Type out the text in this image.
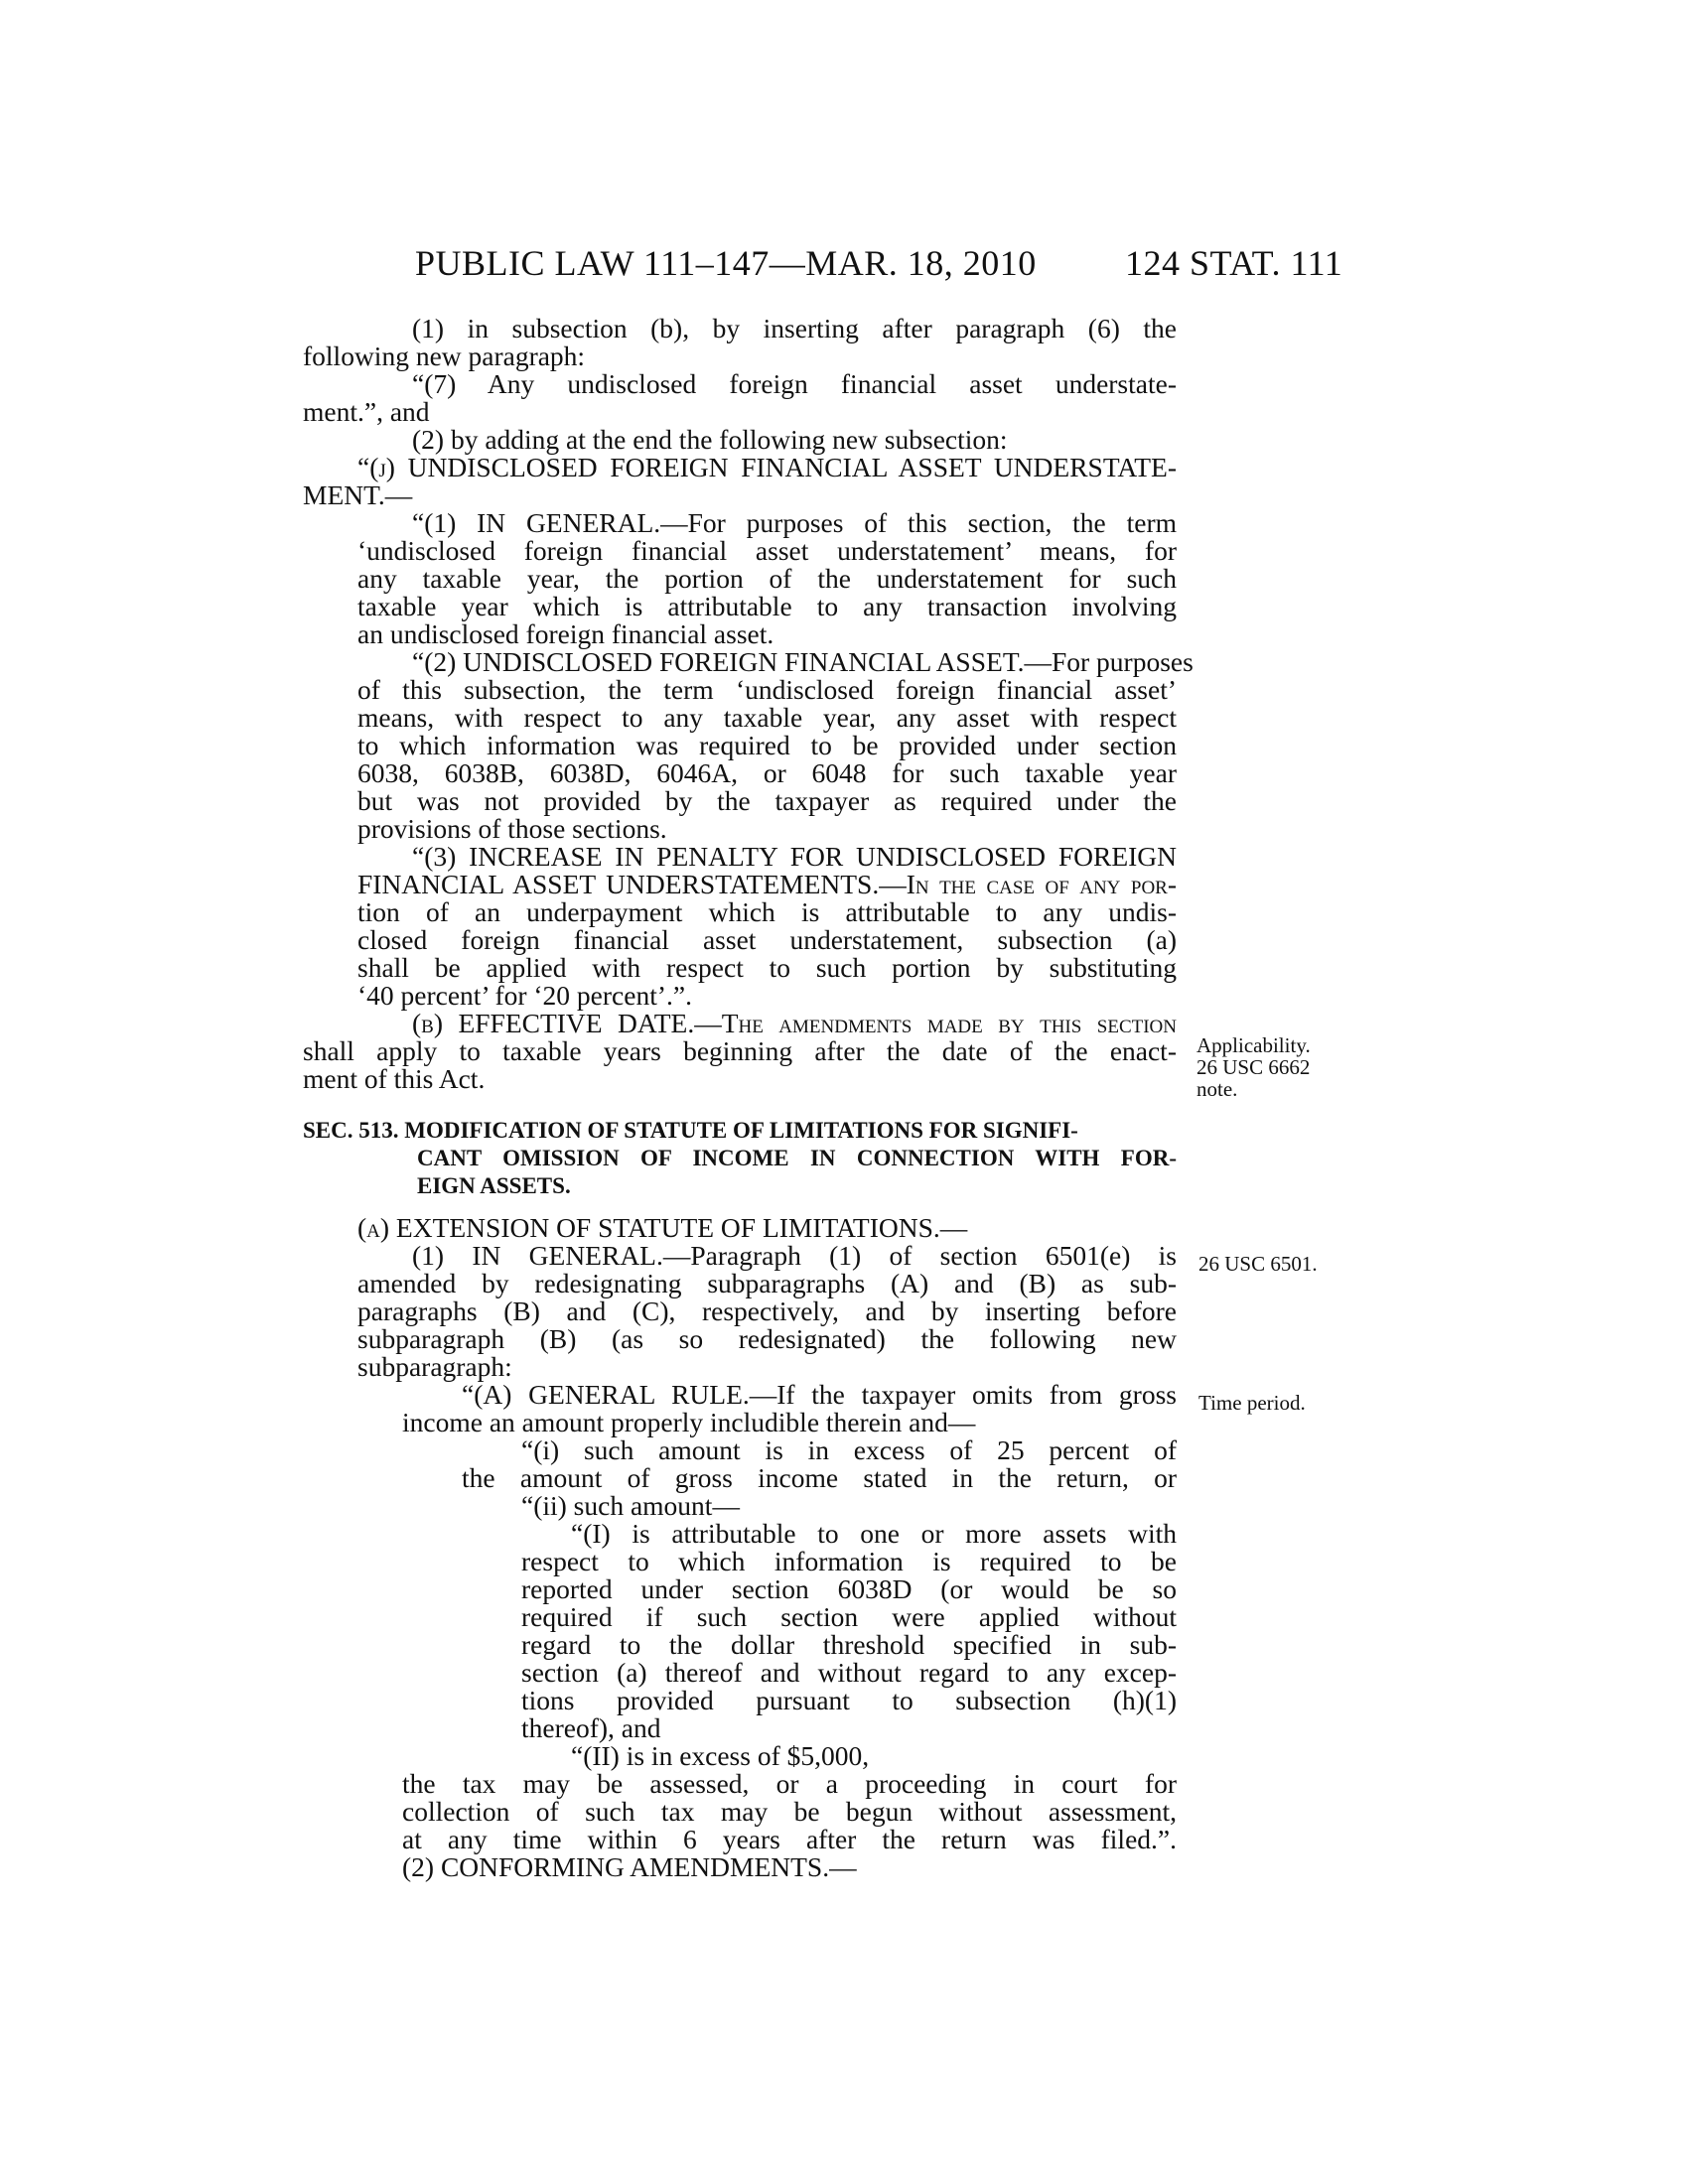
PUBLIC LAW 111–147—MAR. 18, 2010 124 STAT. 111
(1) in subsection (b), by inserting after paragraph (6) the
following new paragraph:
“(7) Any undisclosed foreign financial asset understate-
ment.”, and
(2) by adding at the end the following new subsection:
“(j) UNDISCLOSED FOREIGN FINANCIAL ASSET UNDERSTATE-
MENT.—
“(1) IN GENERAL.—For purposes of this section, the term
‘undisclosed foreign financial asset understatement’ means, for
any taxable year, the portion of the understatement for such
taxable year which is attributable to any transaction involving
an undisclosed foreign financial asset.
“(2) UNDISCLOSED FOREIGN FINANCIAL ASSET.—For purposes
of this subsection, the term ‘undisclosed foreign financial asset’
means, with respect to any taxable year, any asset with respect
to which information was required to be provided under section
6038, 6038B, 6038D, 6046A, or 6048 for such taxable year
but was not provided by the taxpayer as required under the
provisions of those sections.
“(3) INCREASE IN PENALTY FOR UNDISCLOSED FOREIGN
FINANCIAL ASSET UNDERSTATEMENTS.—In the case of any por-
tion of an underpayment which is attributable to any undis-
closed foreign financial asset understatement, subsection (a)
shall be applied with respect to such portion by substituting
‘40 percent’ for ‘20 percent’.”.
(b) EFFECTIVE DATE.—The amendments made by this section
shall apply to taxable years beginning after the date of the enact-
ment of this Act.
SEC. 513. MODIFICATION OF STATUTE OF LIMITATIONS FOR SIGNIFI-
CANT OMISSION OF INCOME IN CONNECTION WITH FOR-
EIGN ASSETS.
(a) EXTENSION OF STATUTE OF LIMITATIONS.—
(1) IN GENERAL.—Paragraph (1) of section 6501(e) is
amended by redesignating subparagraphs (A) and (B) as sub-
paragraphs (B) and (C), respectively, and by inserting before
subparagraph (B) (as so redesignated) the following new
subparagraph:
“(A) GENERAL RULE.—If the taxpayer omits from gross
income an amount properly includible therein and—
“(i) such amount is in excess of 25 percent of
the amount of gross income stated in the return, or
“(ii) such amount—
“(I) is attributable to one or more assets with
respect to which information is required to be
reported under section 6038D (or would be so
required if such section were applied without
regard to the dollar threshold specified in sub-
section (a) thereof and without regard to any excep-
tions provided pursuant to subsection (h)(1)
thereof), and
“(II) is in excess of $5,000,
the tax may be assessed, or a proceeding in court for
collection of such tax may be begun without assessment,
at any time within 6 years after the return was filed.”.
(2) CONFORMING AMENDMENTS.—
Applicability.
26 USC 6662
note.
26 USC 6501.
Time period.
